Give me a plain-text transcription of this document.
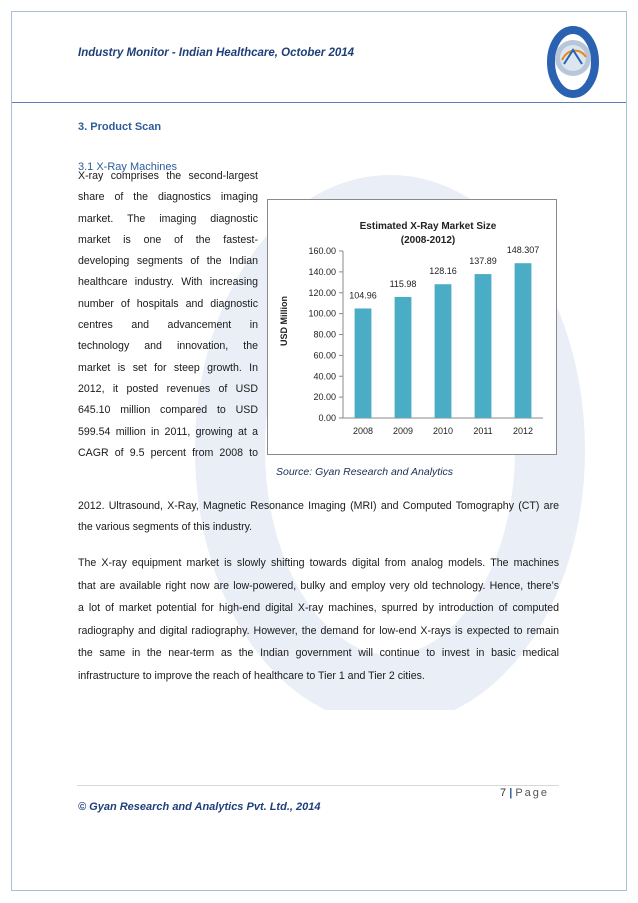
Industry Monitor - Indian Healthcare, October 2014
3. Product Scan
3.1 X-Ray Machines
X-ray comprises the second-largest
share of the diagnostics imaging
market. The imaging diagnostic
market is one of the fastest-
developing segments of the Indian
healthcare industry. With increasing
number of hospitals and diagnostic
centres and advancement in
technology and innovation, the
market is set for steep growth. In
2012, it posted revenues of USD
645.10 million compared to USD
599.54 million in 2011, growing at a
CAGR of 9.5 percent from 2008 to
2012. Ultrasound, X-Ray, Magnetic Resonance Imaging (MRI) and Computed Tomography (CT) are
the various segments of this industry.
Estimated X-Ray Market Size
(2008-2012)
USD Million
0.00
20.00
40.00
60.00
80.00
100.00
120.00
140.00
160.00
104.96
115.98
128.16
137.89
148.307
2008 2009 2010 2011 2012
Source: Gyan Research and Analytics
The X-ray equipment market is slowly shifting towards digital from analog models. The machines
that are available right now are low-powered, bulky and employ very old technology. Hence, there’s
a lot of market potential for high-end digital X-ray machines, spurred by introduction of computed
radiography and digital radiography. However, the demand for low-end X-rays is expected to remain
the same in the near-term as the Indian government will continue to invest in basic medical
infrastructure to improve the reach of healthcare to Tier 1 and Tier 2 cities.
7 | Page
© Gyan Research and Analytics Pvt. Ltd., 2014
